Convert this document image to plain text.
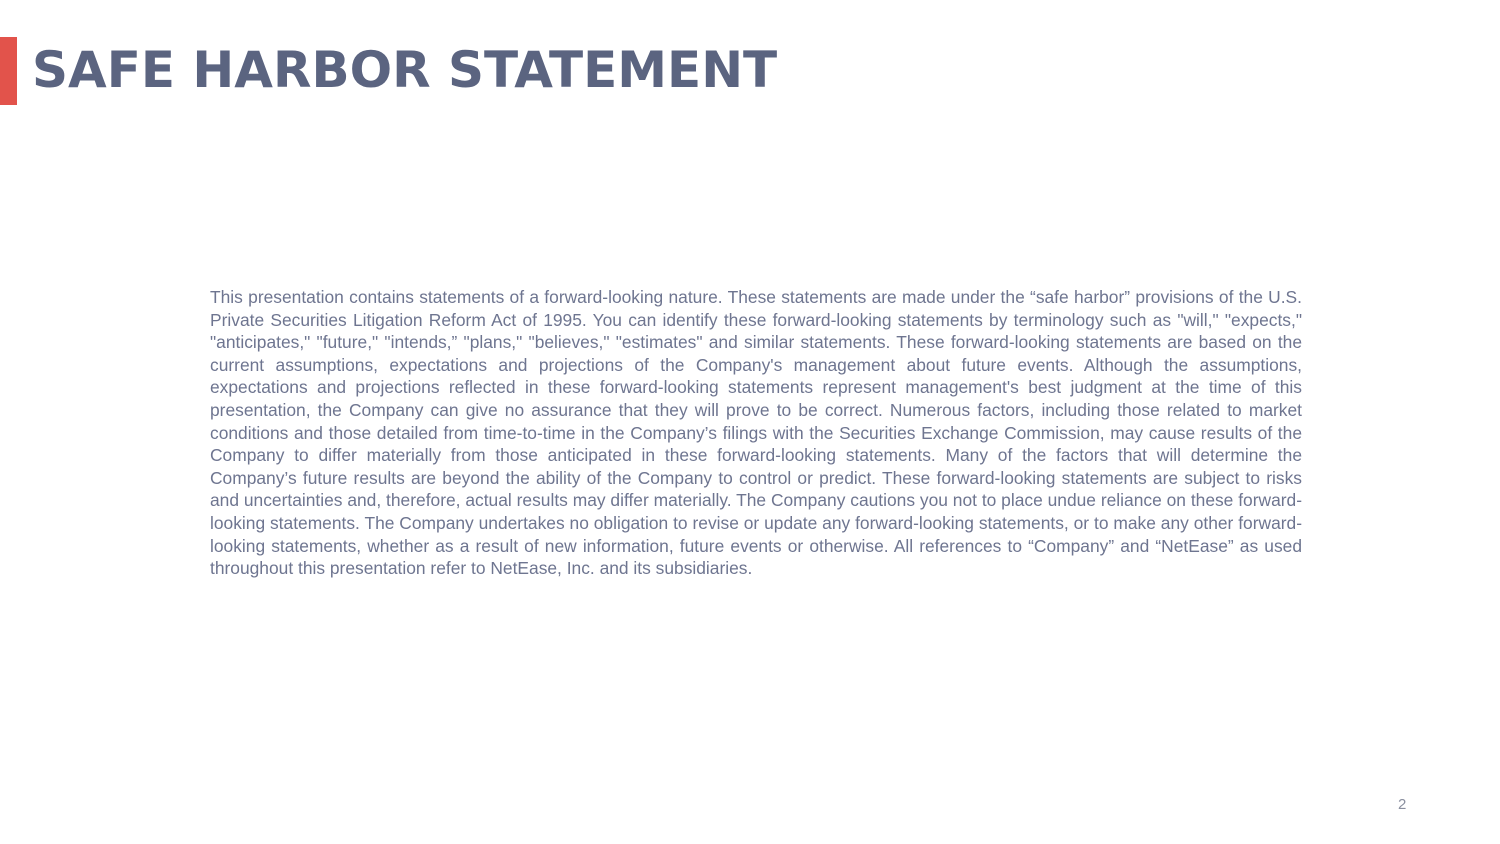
SAFE HARBOR STATEMENT

This presentation contains statements of a forward-looking nature. These statements are made under the “safe harbor” provisions of the U.S. Private Securities Litigation Reform Act of 1995. You can identify these forward-looking statements by terminology such as "will," "expects," "anticipates," "future," "intends,” "plans," "believes," "estimates" and similar statements. These forward-looking statements are based on the current assumptions, expectations and projections of the Company's management about future events. Although the assumptions, expectations and projections reflected in these forward-looking statements represent management's best judgment at the time of this presentation, the Company can give no assurance that they will prove to be correct. Numerous factors, including those related to market conditions and those detailed from time-to-time in the Company’s filings with the Securities Exchange Commission, may cause results of the Company to differ materially from those anticipated in these forward-looking statements. Many of the factors that will determine the Company’s future results are beyond the ability of the Company to control or predict. These forward-looking statements are subject to risks and uncertainties and, therefore, actual results may differ materially. The Company cautions you not to place undue reliance on these forward-looking statements. The Company undertakes no obligation to revise or update any forward-looking statements, or to make any other forward-looking statements, whether as a result of new information, future events or otherwise. All references to “Company” and “NetEase” as used throughout this presentation refer to NetEase, Inc. and its subsidiaries.

2
